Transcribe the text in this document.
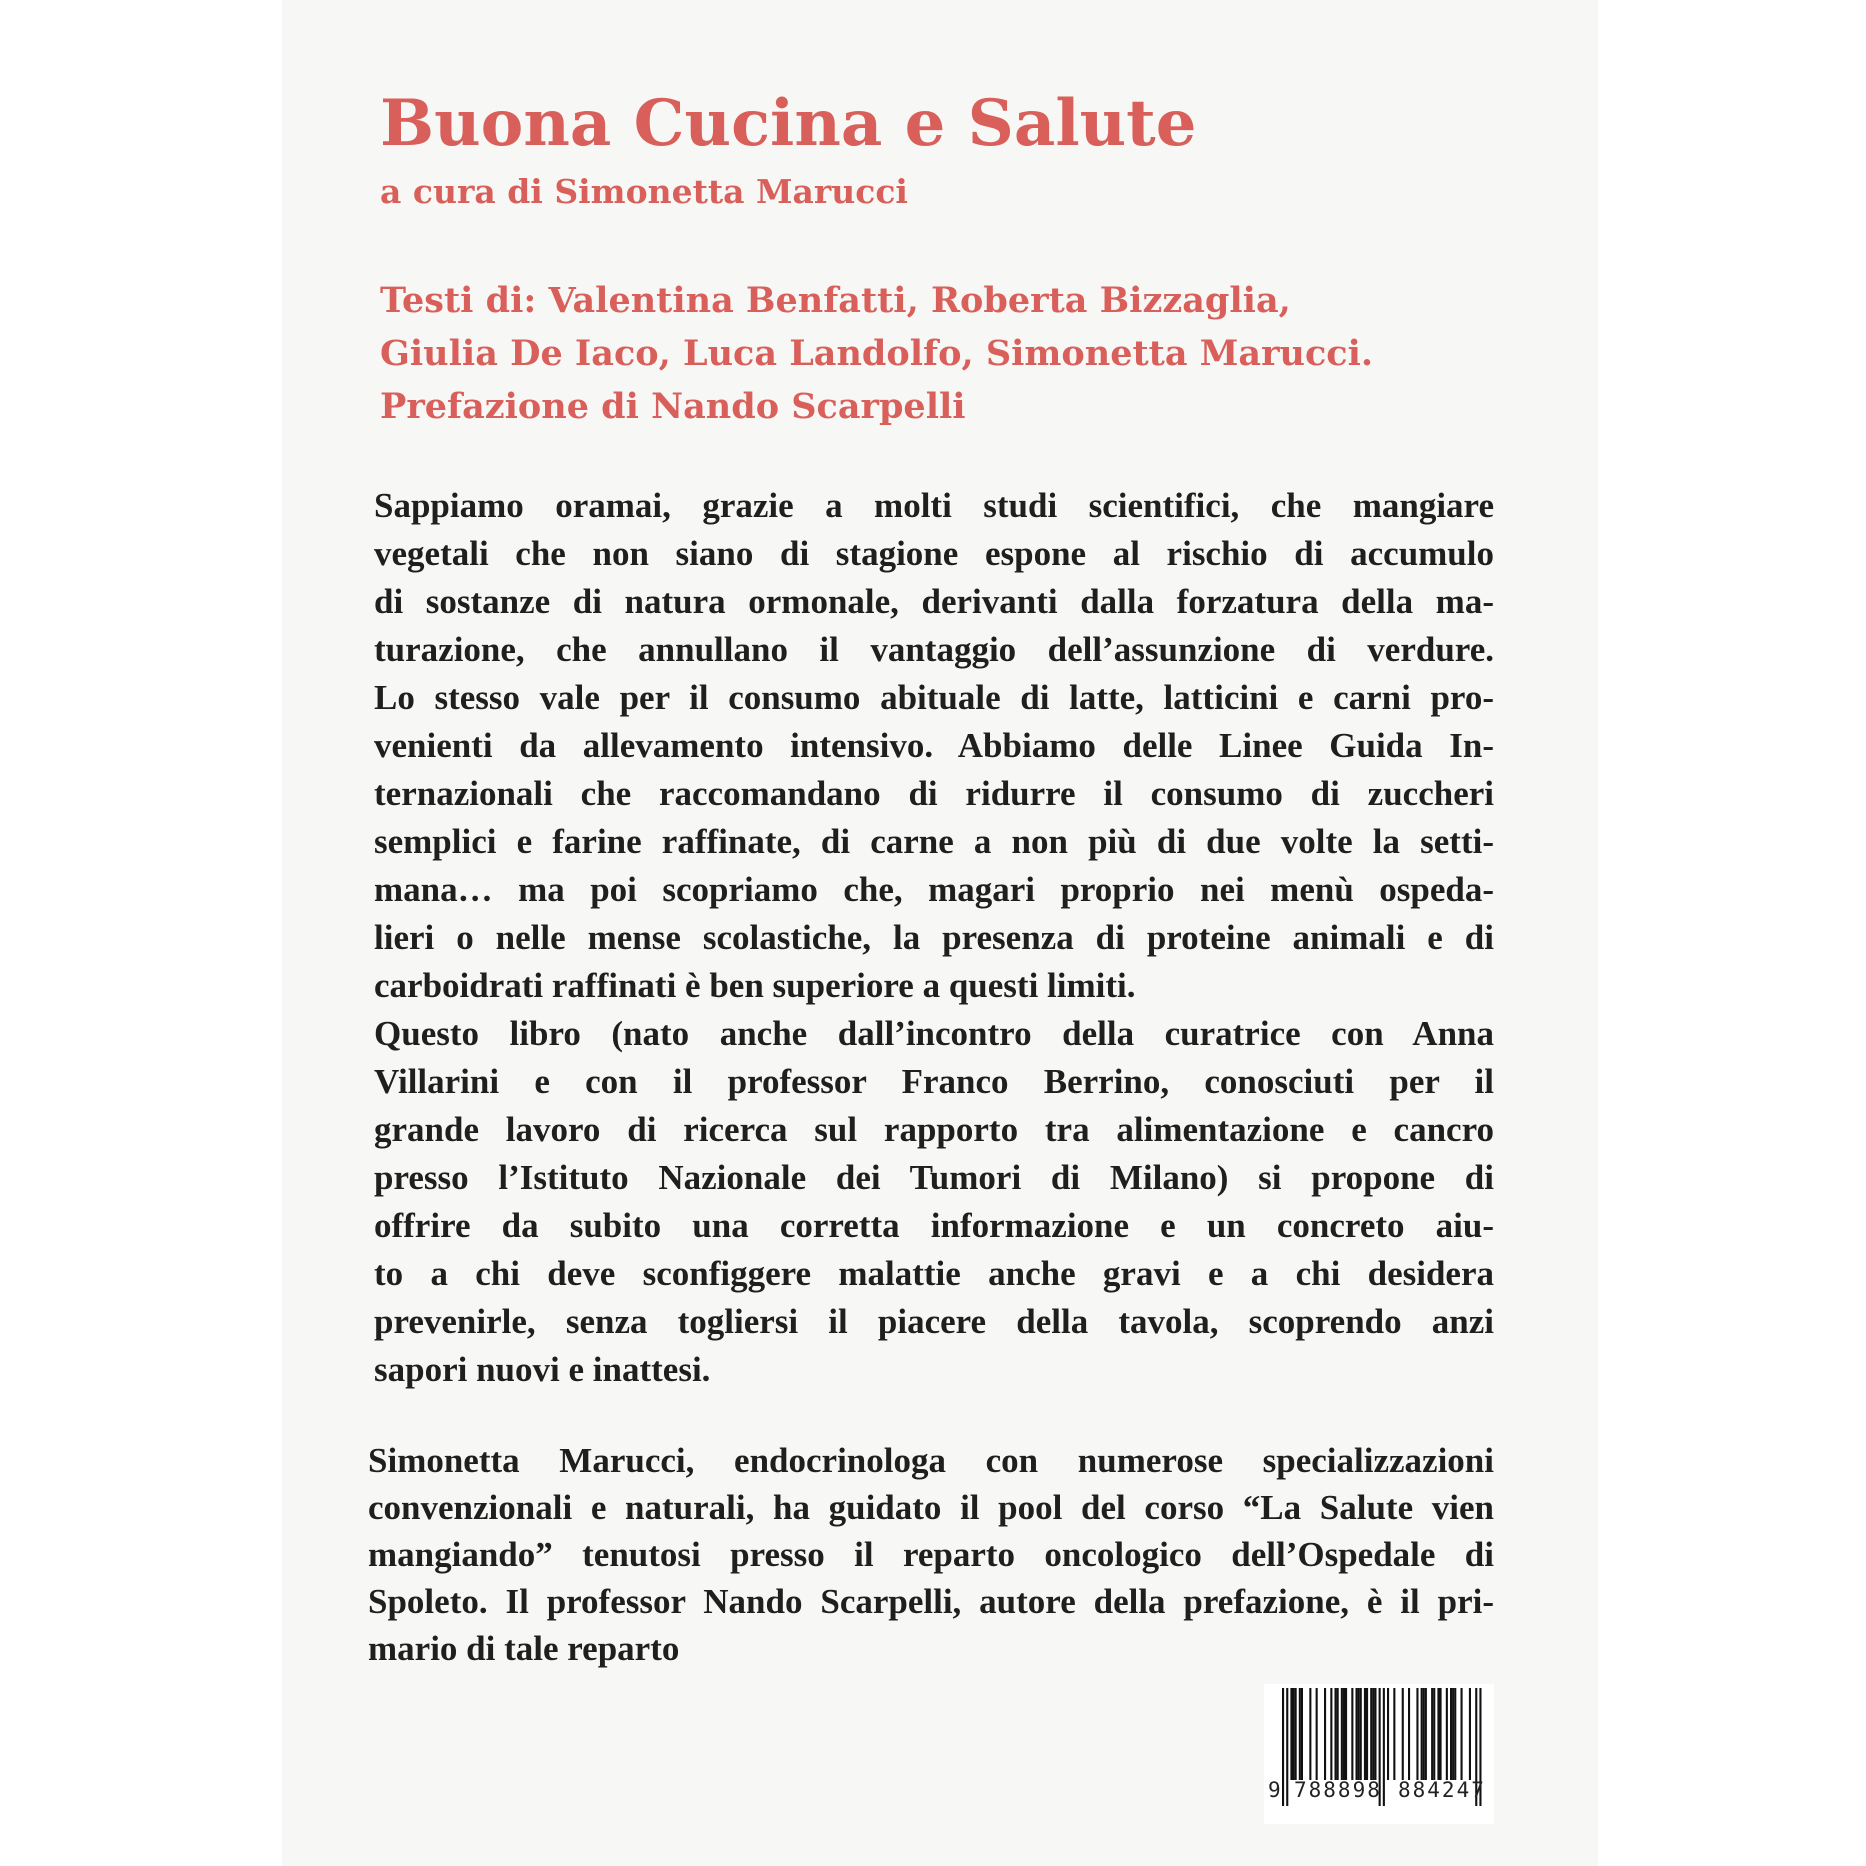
Buona Cucina e Salute
a cura di Simonetta Marucci
Testi di: Valentina Benfatti, Roberta Bizzaglia,
Giulia De Iaco, Luca Landolfo, Simonetta Marucci.
Prefazione di Nando Scarpelli
Sappiamo oramai, grazie a molti studi scientifici, che mangiare
vegetali che non siano di stagione espone al rischio di accumulo
di sostanze di natura ormonale, derivanti dalla forzatura della ma-
turazione, che annullano il vantaggio dell’assunzione di verdure.
Lo stesso vale per il consumo abituale di latte, latticini e carni pro-
venienti da allevamento intensivo. Abbiamo delle Linee Guida In-
ternazionali che raccomandano di ridurre il consumo di zuccheri
semplici e farine raffinate, di carne a non più di due volte la setti-
mana… ma poi scopriamo che, magari proprio nei menù ospeda-
lieri o nelle mense scolastiche, la presenza di proteine animali e di
carboidrati raffinati è ben superiore a questi limiti.
Questo libro (nato anche dall’incontro della curatrice con Anna
Villarini e con il professor Franco Berrino, conosciuti per il
grande lavoro di ricerca sul rapporto tra alimentazione e cancro
presso l’Istituto Nazionale dei Tumori di Milano) si propone di
offrire da subito una corretta informazione e un concreto aiu-
to a chi deve sconfiggere malattie anche gravi e a chi desidera
prevenirle, senza togliersi il piacere della tavola, scoprendo anzi
sapori nuovi e inattesi.
Simonetta Marucci, endocrinologa con numerose specializzazioni
convenzionali e naturali, ha guidato il pool del corso “La Salute vien
mangiando” tenutosi presso il reparto oncologico dell’Ospedale di
Spoleto. Il professor Nando Scarpelli, autore della prefazione, è il pri-
mario di tale reparto
9 788898 884247
